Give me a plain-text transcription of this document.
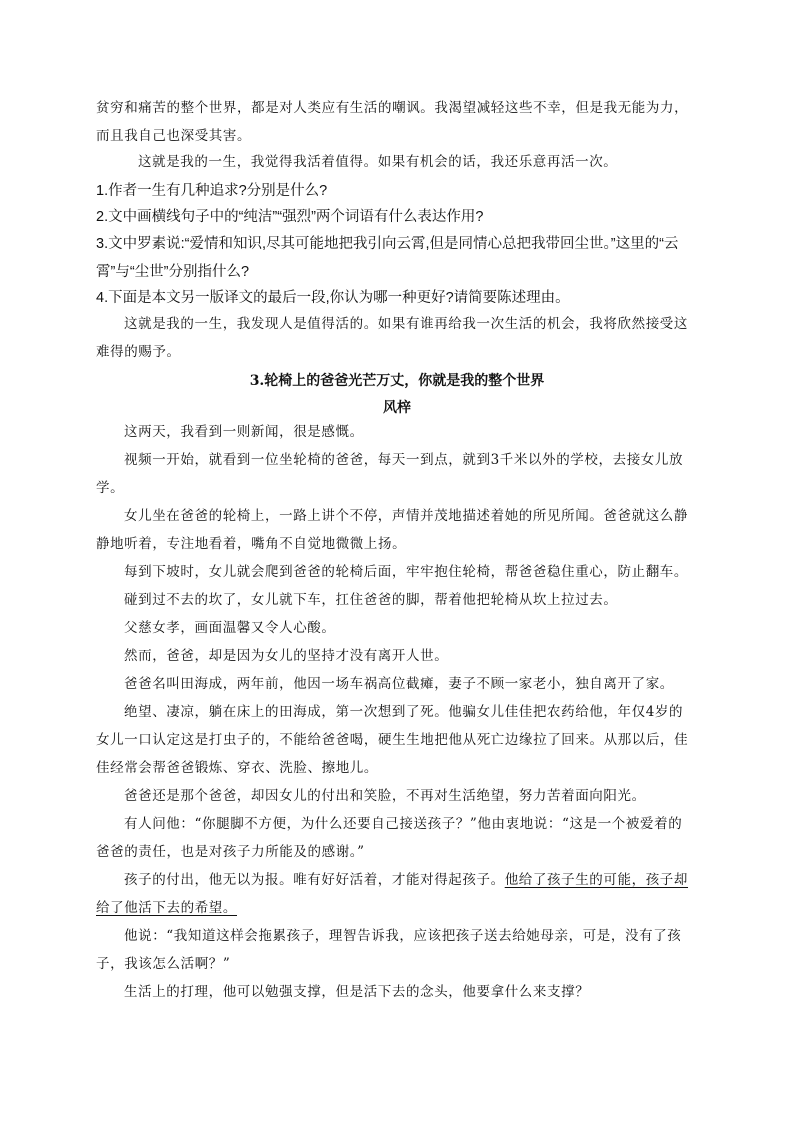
贫穷和痛苦的整个世界，都是对人类应有生活的嘲讽。我渴望减轻这些不幸，但是我无能为力，而且我自己也深受其害。

这就是我的一生，我觉得我活着值得。如果有机会的话，我还乐意再活一次。

1.作者一生有几种追求?分别是什么?

2.文中画横线句子中的“纯洁”“强烈”两个词语有什么表达作用?

3.文中罗素说:“爱情和知识,尽其可能地把我引向云霄,但是同情心总把我带回尘世。”这里的“云霄”与“尘世”分别指什么?

4.下面是本文另一版译文的最后一段,你认为哪一种更好?请简要陈述理由。

这就是我的一生，我发现人是值得活的。如果有谁再给我一次生活的机会，我将欣然接受这难得的赐予。

3.轮椅上的爸爸光芒万丈，你就是我的整个世界
风梓

这两天，我看到一则新闻，很是感慨。

视频一开始，就看到一位坐轮椅的爸爸，每天一到点，就到3千米以外的学校，去接女儿放学。

女儿坐在爸爸的轮椅上，一路上讲个不停，声情并茂地描述着她的所见所闻。爸爸就这么静静地听着，专注地看着，嘴角不自觉地微微上扬。

每到下坡时，女儿就会爬到爸爸的轮椅后面，牢牢抱住轮椅，帮爸爸稳住重心，防止翻车。

碰到过不去的坎了，女儿就下车，扛住爸爸的脚，帮着他把轮椅从坎上拉过去。

父慈女孝，画面温馨又令人心酸。

然而，爸爸，却是因为女儿的坚持才没有离开人世。

爸爸名叫田海成，两年前，他因一场车祸高位截瘫，妻子不顾一家老小，独自离开了家。

绝望、凄凉，躺在床上的田海成，第一次想到了死。他骗女儿佳佳把农药给他，年仅4岁的女儿一口认定这是打虫子的，不能给爸爸喝，硬生生地把他从死亡边缘拉了回来。从那以后，佳佳经常会帮爸爸锻炼、穿衣、洗脸、擦地儿。

爸爸还是那个爸爸，却因女儿的付出和笑脸，不再对生活绝望，努力苦着面向阳光。

有人问他：“你腿脚不方便，为什么还要自己接送孩子？”他由衷地说：“这是一个被爱着的爸爸的责任，也是对孩子力所能及的感谢。”

孩子的付出，他无以为报。唯有好好活着，才能对得起孩子。他给了孩子生的可能，孩子却给了他活下去的希望。

他说：“我知道这样会拖累孩子，理智告诉我，应该把孩子送去给她母亲，可是，没有了孩子，我该怎么活啊？”

生活上的打理，他可以勉强支撑，但是活下去的念头，他要拿什么来支撑？
